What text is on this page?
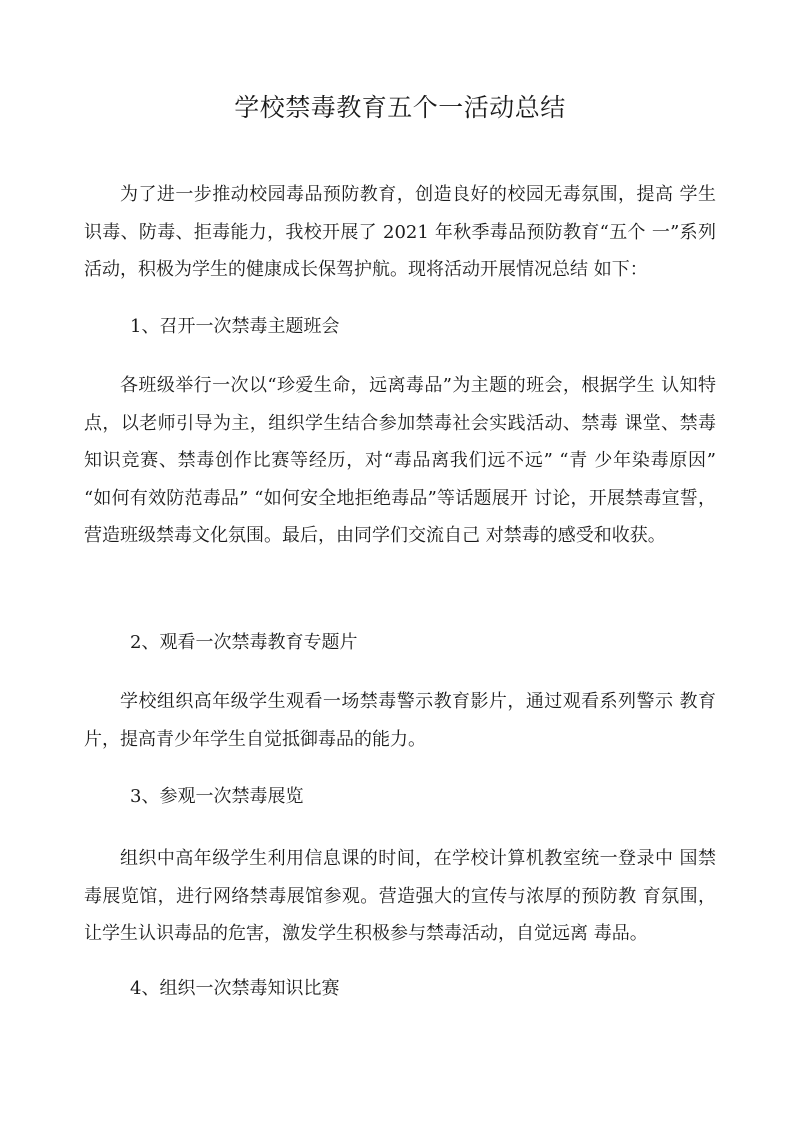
学校禁毒教育五个一活动总结

为了进一步推动校园毒品预防教育，创造良好的校园无毒氛围，提高 学生识毒、防毒、拒毒能力，我校开展了 2021 年秋季毒品预防教育“五个 一”系列活动，积极为学生的健康成长保驾护航。现将活动开展情况总结 如下：

1、召开一次禁毒主题班会

各班级举行一次以“珍爱生命，远离毒品”为主题的班会，根据学生 认知特点，以老师引导为主，组织学生结合参加禁毒社会实践活动、禁毒 课堂、禁毒知识竞赛、禁毒创作比赛等经历，对“毒品离我们远不远” “青 少年染毒原因” “如何有效防范毒品” “如何安全地拒绝毒品”等话题展开 讨论，开展禁毒宣誓，营造班级禁毒文化氛围。最后，由同学们交流自己 对禁毒的感受和收获。

2、观看一次禁毒教育专题片

学校组织高年级学生观看一场禁毒警示教育影片，通过观看系列警示 教育片，提高青少年学生自觉抵御毒品的能力。

3、参观一次禁毒展览

组织中高年级学生利用信息课的时间，在学校计算机教室统一登录中 国禁毒展览馆，进行网络禁毒展馆参观。营造强大的宣传与浓厚的预防教 育氛围，让学生认识毒品的危害，激发学生积极参与禁毒活动，自觉远离 毒品。

4、组织一次禁毒知识比赛
